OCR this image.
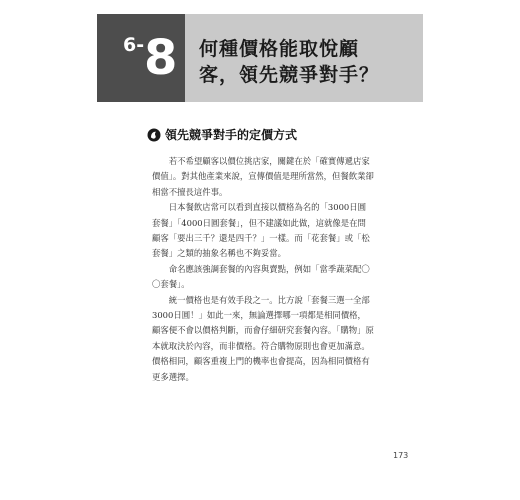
6- 8 何種價格能取悅顧
客，領先競爭對手？
領先競爭對手的定價方式

若不希望顧客以價位挑店家，關鍵在於「確實傳遞店家價值」。對其他產業來說，宣傳價值是理所當然，但餐飲業卻相當不擅長這件事。

日本餐飲店常可以看到直接以價格為名的「3000日圓套餐」「4000日圓套餐」，但不建議如此做，這就像是在問顧客「要出三千？還是四千？」一樣。而「花套餐」或「松套餐」之類的抽象名稱也不夠妥當。

命名應該強調套餐的內容與賣點，例如「當季蔬菜配〇〇套餐」。

統一價格也是有效手段之一。比方說「套餐三選一全部3000日圓！」如此一來，無論選擇哪一項都是相同價格，顧客便不會以價格判斷，而會仔細研究套餐內容。「購物」原本就取決於內容，而非價格。符合購物原則也會更加滿意。價格相同，顧客重複上門的機率也會提高，因為相同價格有更多選擇。

173
